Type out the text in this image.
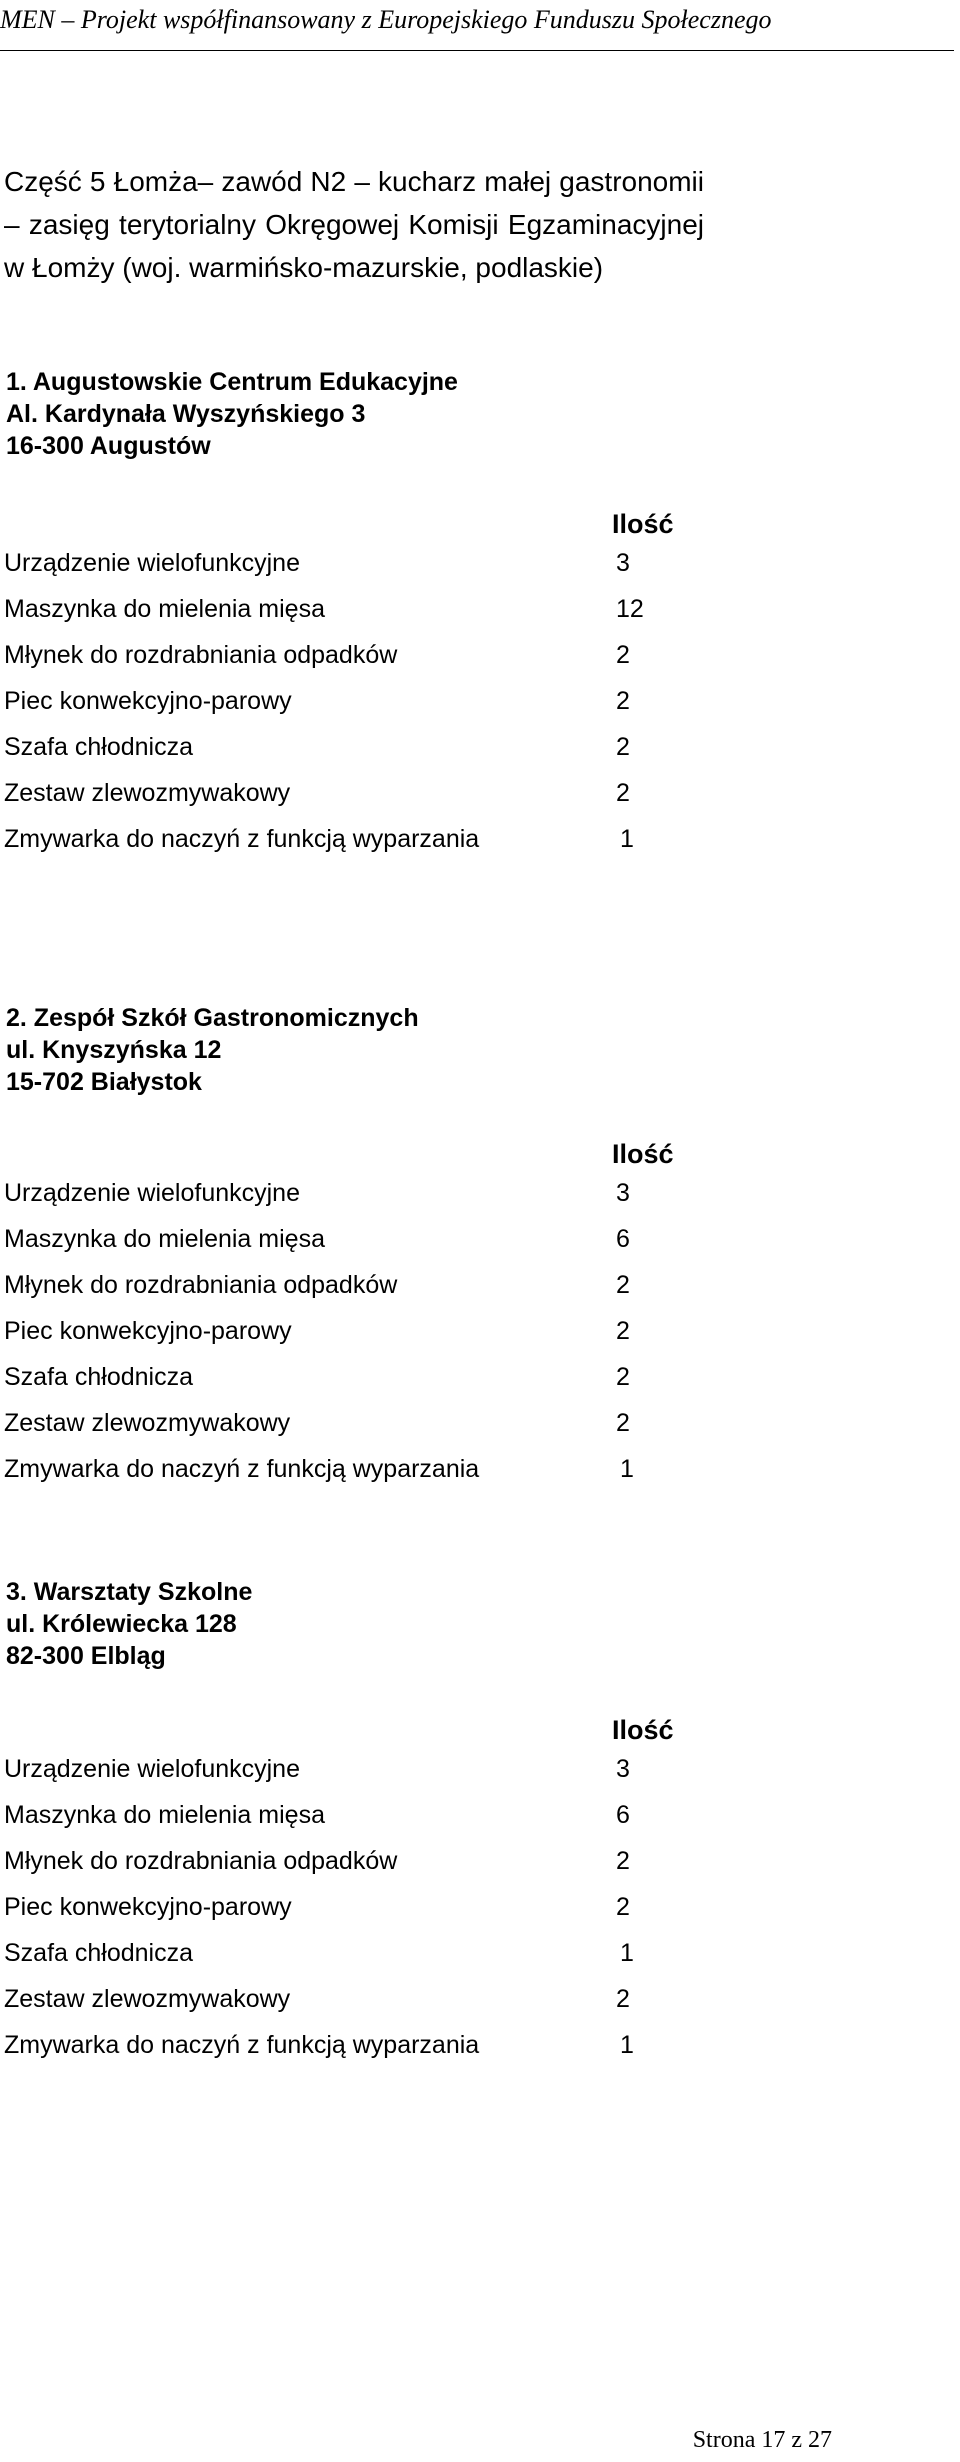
MEN – Projekt współfinansowany z Europejskiego Funduszu Społecznego
Część 5 Łomża– zawód N2 – kucharz małej gastronomii – zasięg terytorialny Okręgowej Komisji Egzaminacyjnej w Łomży (woj. warmińsko-mazurskie, podlaskie)
1. Augustowskie Centrum Edukacyjne
Al. Kardynała Wyszyńskiego 3
16-300 Augustów
Ilość
Urządzenie wielofunkcyjne	3
Maszynka do mielenia mięsa	12
Młynek do rozdrabniania odpadków	2
Piec konwekcyjno-parowy	2
Szafa chłodnicza	2
Zestaw zlewozmywakowy	2
Zmywarka do naczyń z funkcją wyparzania	1
2. Zespół Szkół Gastronomicznych
ul. Knyszyńska 12
15-702 Białystok
Ilość
Urządzenie wielofunkcyjne	3
Maszynka do mielenia mięsa	6
Młynek do rozdrabniania odpadków	2
Piec konwekcyjno-parowy	2
Szafa chłodnicza	2
Zestaw zlewozmywakowy	2
Zmywarka do naczyń z funkcją wyparzania	1
3. Warsztaty Szkolne
ul. Królewiecka 128
82-300 Elbląg
Ilość
Urządzenie wielofunkcyjne	3
Maszynka do mielenia mięsa	6
Młynek do rozdrabniania odpadków	2
Piec konwekcyjno-parowy	2
Szafa chłodnicza	1
Zestaw zlewozmywakowy	2
Zmywarka do naczyń z funkcją wyparzania	1
Strona 17 z 27
